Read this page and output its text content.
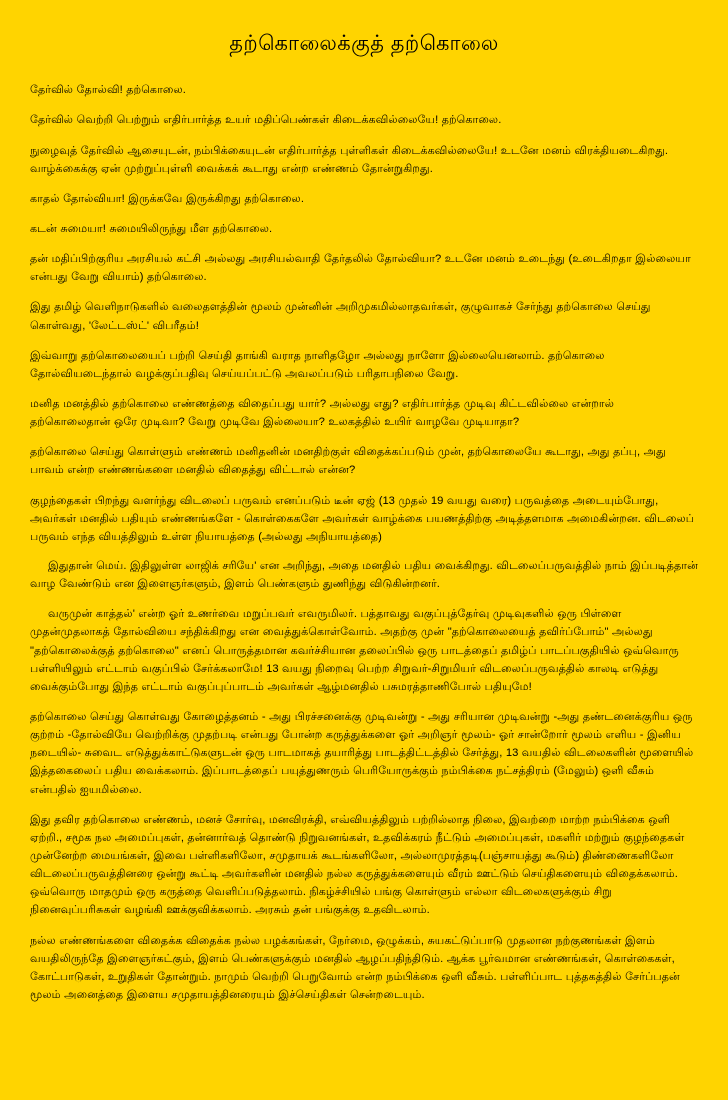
தற்கொலைக்குத் தற்கொலை

தேர்வில் தோல்வி! தற்கொலை.

தேர்வில் வெற்றி பெற்றும் எதிர்பார்த்த உயர் மதிப்பெண்கள் கிடைக்கவில்லையே! தற்கொலை.

நுழைவுத் தேர்வில் ஆசையுடன், நம்பிக்கையுடன் எதிர்பார்த்த புள்ளிகள் கிடைக்கவில்லையே! உடனே மனம் விரக்தியடைகிறது. வாழ்க்கைக்கு ஏன் முற்றுப்புள்ளி வைக்கக் கூடாது என்ற எண்ணம் தோன்றுகிறது.

காதல் தோல்வியா! இருக்கவே இருக்கிறது தற்கொலை.

கடன் சுமையா! சுமையிலிருந்து மீள தற்கொலை.

தன் மதிப்பிற்குரிய அரசியல் கட்சி அல்லது அரசியல்வாதி தேர்தலில் தோல்வியா? உடனே மனம் உடைந்து (உடைகிறதா இல்லையா என்பது வேறு வியாம்) தற்கொலை.

இது தமிழ் வெளிநாடுகளில் வலைதளத்தின் மூலம் முன்னின் அறிமுகமில்லாதவர்கள், குழுவாகச் சேர்ந்து தற்கொலை செய்து கொள்வது, 'லேட்டஸ்ட்' விபரீதம்!

இவ்வாறு தற்கொலையைப் பற்றி செய்தி தாங்கி வராத நாளிதழோ அல்லது நாளோ இல்லையெனலாம். தற்கொலை தோல்வியடைந்தால் வழக்குப்பதிவு செய்யப்பட்டு அவலப்படும் பரிதாபநிலை வேறு.

மனித மனத்தில் தற்கொலை எண்ணத்தை விதைப்பது யார்? அல்லது எது? எதிர்பார்த்த முடிவு கிட்டவில்லை என்றால் தற்கொலைதான் ஒரே முடிவா? வேறு முடிவே இல்லையா? உலகத்தில் உயிர் வாழவே முடியாதா?

தற்கொலை செய்து கொள்ளும் எண்ணம் மனிதனின் மனதிற்குள் விதைக்கப்படும் முன், தற்கொலையே கூடாது, அது தப்பு, அது பாவம் என்ற எண்ணங்களை மனதில் விதைத்து விட்டால் என்ன?

குழந்தைகள் பிறந்து வளர்ந்து விடலைப் பருவம் எனப்படும் டீன் ஏஜ் (13 முதல் 19 வயது வரை) பருவத்தை அடையும்போது, அவர்கள் மனதில் பதியும் எண்ணங்களே - கொள்கைகளே அவர்கள் வாழ்க்கை பயணத்திற்கு அடித்தளமாக அமைகின்றன. விடலைப் பருவம் எந்த வியத்திலும் உள்ள நியாயத்தை (அல்லது அநியாயத்தை)

இதுதான் மெய். இதிலுள்ள லாஜிக் சரியே' என அறிந்து, அதை மனதில் பதிய வைக்கிறது. விடலைப்பருவத்தில் நாம் இப்படித்தான் வாழ வேண்டும் என இளைஞர்களும், இளம் பெண்களும் துணிந்து விடுகின்றனர்.

வருமுன் காத்தல்' என்ற ஓர் உணர்வை மறுப்பவர் எவருமிலர். பத்தாவது வகுப்புத்தேர்வு முடிவுகளில் ஒரு பிள்ளை முதன்முதலாகத் தோல்வியை சந்திக்கிறது என வைத்துக்கொள்வோம். அதற்கு முன் "தற்கொலையைத் தவிர்ப்போம்" அல்லது "தற்கொலைக்குத் தற்கொலை" எனப் பொருத்தமான கவர்ச்சியான தலைப்பில் ஒரு பாடத்தைப் தமிழ்ப் பாடப்பகுதியில் ஒவ்வொரு பள்ளியிலும் எட்டாம் வகுப்பில் சேர்க்கலாமே! 13 வயது நிறைவு பெற்ற சிறுவர்-சிறுமியர் விடலைப்பருவத்தில் காலடி எடுத்து வைக்கும்போது இந்த எட்டாம் வகுப்புப்பாடம் அவர்கள் ஆழ்மனதில் பசுமரத்தாணிபோல் பதியுமே!

தற்கொலை செய்து கொள்வது கோழைத்தனம் - அது பிரச்சனைக்கு முடிவன்று - அது சரியான முடிவன்று -அது தண்டனைக்குரிய ஒரு குற்றம் -தோல்வியே வெற்றிக்கு முதற்படி என்பது போன்ற கருத்துக்களை ஓர் அறிஞர் மூலம்- ஓர் சான்றோர் மூலம் எளிய - இனிய நடையில்- சுவைட எடுத்துக்காட்டுகளுடன் ஒரு பாடமாகத் தயாரித்து பாடத்திட்டத்தில் சேர்த்து, 13 வயதில் விடலைகளின் மூளையில் இத்தகைலைப் பதிய வைக்கலாம். இப்பாடத்தைப் பயுத்துணரும் பெரியோருக்கும் நம்பிக்கை நட்சத்திரம் (மேலும்) ஒளி வீசும் என்பதில் ஐயமில்லை.

இது தவிர தற்கொலை எண்ணம், மனச் சோர்வு, மனவிரக்தி, எவ்வியத்திலும் பற்றில்லாத நிலை, இவற்றை மாற்ற நம்பிக்கை ஒளி ஏற்றி., சமூக நல அமைப்புகள், தன்னார்வத் தொண்டு நிறுவனங்கள், உதவிக்கரம் நீட்டும் அமைப்புகள், மகளிர் மற்றும் குழந்தைகள் முன்னேற்ற மையங்கள், இவை பள்ளிகளிலோ, சமுதாயக் கூடங்களிலோ, அல்லாமுரத்தடி(பஞ்சாயத்து கூடும்) திண்ணைகளிலோ விடலைப்பருவத்தினரை ஒன்று கூட்டி அவர்களின் மனதில் நல்ல கருத்துக்களையும் வீரம் ஊட்டும் செய்திகளையும் விதைக்கலாம். ஒவ்வொரு மாதமும் ஒரு கருத்தை வெளிப்படுத்தலாம். நிகழ்ச்சியில் பங்கு கொள்ளும் எல்லா விடலைகளுக்கும் சிறு நினைவுப்பரிசுகள் வழங்கி ஊக்குவிக்கலாம். அரசும் தன் பங்குக்கு உதவிடலாம்.

நல்ல எண்ணங்களை விதைக்க விதைக்க நல்ல பழக்கங்கள், நேர்மை, ஒழுக்கம், சுயகட்டுப்பாடு முதலான நற்குணங்கள் இளம் வயதிலிருந்தே இளைஞர்கட்கும், இளம் பெண்களுக்கும் மனதில் ஆழப்பதிந்திடும். ஆக்க பூர்வமான எண்ணங்கள், கொள்கைகள், கோட்பாடுகள், உறுதிகள் தோன்றும். நாமும் வெற்றி பெறுவோம் என்ற நம்பிக்கை ஒளி வீசும். பள்ளிப்பாட புத்தகத்தில் சேர்ப்பதன் மூலம் அனைத்தை இளைய சமுதாயத்தினரையும் இச்செய்திகள் சென்றடையும்.
